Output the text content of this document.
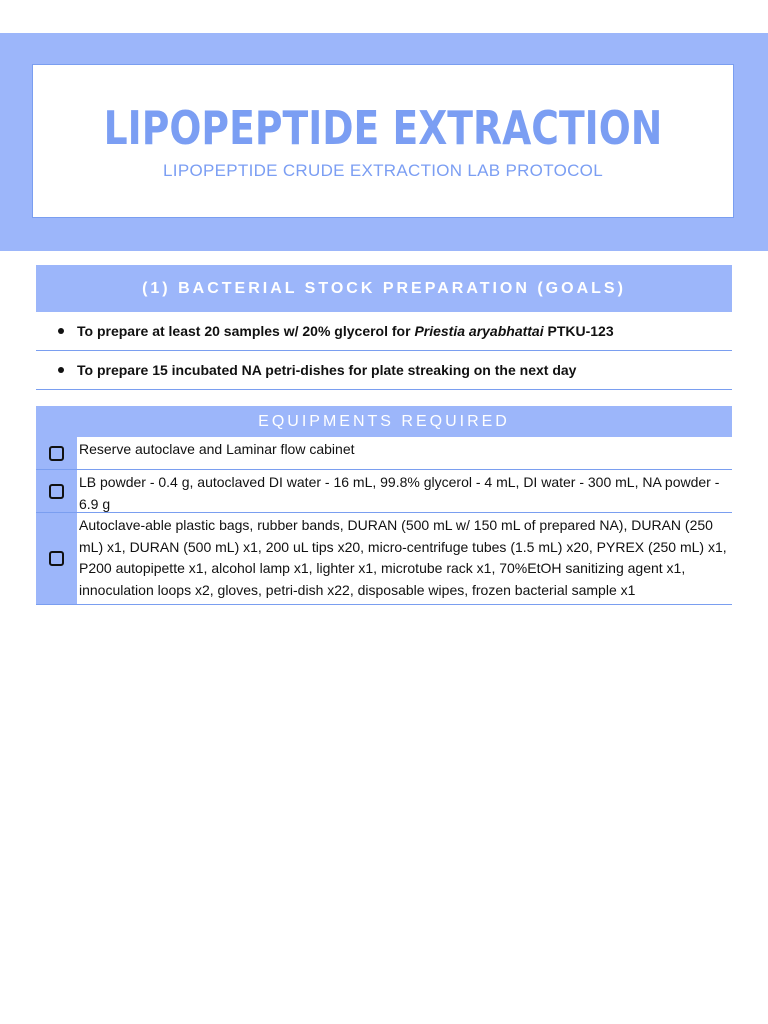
LIPOPEPTIDE EXTRACTION
LIPOPEPTIDE CRUDE EXTRACTION LAB PROTOCOL
(1) BACTERIAL STOCK PREPARATION (GOALS)
To prepare at least 20 samples w/ 20% glycerol for Priestia aryabhattai PTKU-123
To prepare 15 incubated NA petri-dishes for plate streaking on the next day
EQUIPMENTS REQUIRED
Reserve autoclave and Laminar flow cabinet
LB powder - 0.4 g, autoclaved DI water - 16 mL, 99.8% glycerol - 4 mL, DI water - 300 mL, NA powder - 6.9 g
Autoclave-able plastic bags, rubber bands, DURAN (500 mL w/ 150 mL of prepared NA), DURAN (250 mL) x1, DURAN (500 mL) x1, 200 uL tips x20, micro-centrifuge tubes (1.5 mL) x20, PYREX (250 mL) x1, P200 autopipette x1, alcohol lamp x1, lighter x1, microtube rack x1, 70%EtOH sanitizing agent x1, innoculation loops x2, gloves, petri-dish x22, disposable wipes, frozen bacterial sample x1
